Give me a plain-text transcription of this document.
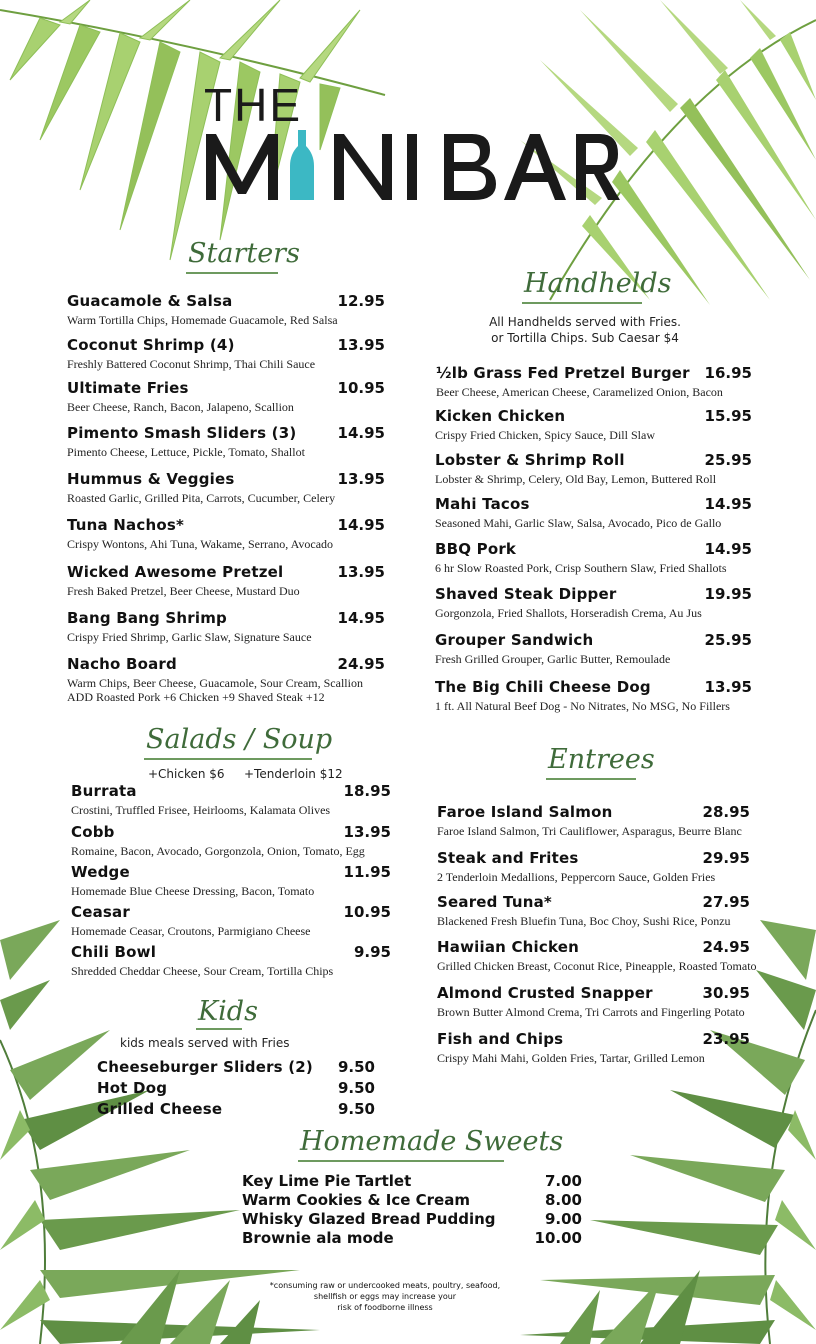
THE
Starters
Guacamole & Salsa	12.95
Warm Tortilla Chips, Homemade Guacamole, Red Salsa
Coconut Shrimp (4)	13.95
Freshly Battered Coconut Shrimp, Thai Chili Sauce
Ultimate Fries	10.95
Beer Cheese, Ranch, Bacon, Jalapeno, Scallion
Pimento Smash Sliders (3)	14.95
Pimento Cheese, Lettuce, Pickle, Tomato, Shallot
Hummus & Veggies	13.95
Roasted Garlic, Grilled Pita, Carrots, Cucumber, Celery
Tuna Nachos*	14.95
Crispy Wontons, Ahi Tuna, Wakame, Serrano, Avocado
Wicked Awesome Pretzel	13.95
Fresh Baked Pretzel, Beer Cheese, Mustard Duo
Bang Bang Shrimp	14.95
Crispy Fried Shrimp, Garlic Slaw, Signature Sauce
Nacho Board	24.95
Warm Chips, Beer Cheese, Guacamole, Sour Cream, Scallion
ADD Roasted Pork +6 Chicken +9 Shaved Steak +12
Handhelds
All Handhelds served with Fries.
or Tortilla Chips. Sub Caesar $4
½lb Grass Fed Pretzel Burger 16.95
Beer Cheese, American Cheese, Caramelized Onion, Bacon
Kicken Chicken	15.95
Crispy Fried Chicken, Spicy Sauce, Dill Slaw
Lobster & Shrimp Roll	25.95
Lobster & Shrimp, Celery, Old Bay, Lemon, Buttered Roll
Mahi Tacos	14.95
Seasoned Mahi, Garlic Slaw, Salsa, Avocado, Pico de Gallo
BBQ Pork	14.95
6 hr Slow Roasted Pork, Crisp Southern Slaw, Fried Shallots
Shaved Steak Dipper	19.95
Gorgonzola, Fried Shallots, Horseradish Crema, Au Jus
Grouper Sandwich	25.95
Fresh Grilled Grouper, Garlic Butter, Remoulade
The Big Chili Cheese Dog	13.95
1 ft. All Natural Beef Dog - No Nitrates, No MSG, No Fillers
Salads / Soup
+Chicken $6 +Tenderloin $12
Burrata	18.95
Crostini, Truffled Frisee, Heirlooms, Kalamata Olives
Cobb	13.95
Romaine, Bacon, Avocado, Gorgonzola, Onion, Tomato, Egg
Wedge	11.95
Homemade Blue Cheese Dressing, Bacon, Tomato
Ceasar	10.95
Homemade Ceasar, Croutons, Parmigiano Cheese
Chili Bowl	9.95
Shredded Cheddar Cheese, Sour Cream, Tortilla Chips
Entrees
Faroe Island Salmon	28.95
Faroe Island Salmon, Tri Cauliflower, Asparagus, Beurre Blanc
Steak and Frites	29.95
2 Tenderloin Medallions, Peppercorn Sauce, Golden Fries
Seared Tuna*	27.95
Blackened Fresh Bluefin Tuna, Boc Choy, Sushi Rice, Ponzu
Hawiian Chicken	24.95
Grilled Chicken Breast, Coconut Rice, Pineapple, Roasted Tomato
Almond Crusted Snapper	30.95
Brown Butter Almond Crema, Tri Carrots and Fingerling Potato
Fish and Chips	23.95
Crispy Mahi Mahi, Golden Fries, Tartar, Grilled Lemon
Kids
kids meals served with Fries
Cheeseburger Sliders (2) 9.50
Hot Dog	9.50
Grilled Cheese	9.50
Homemade Sweets
Key Lime Pie Tartlet	7.00
Warm Cookies & Ice Cream	8.00
Whisky Glazed Bread Pudding	9.00
Brownie ala mode	10.00
*consuming raw or undercooked meats, poultry, seafood,
shellfish or eggs may increase your
risk of foodborne illness
